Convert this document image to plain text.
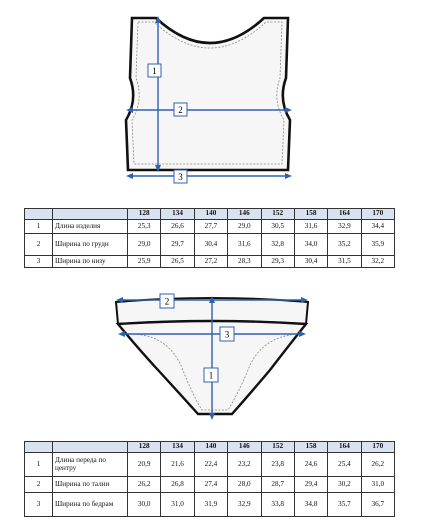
1
2
3
		128	134	140	146	152	158	164	170
1	Длина изделия	25,3	26,6	27,7	29,0	30,5	31,6	32,9	34,4
2	Ширина по груди	29,0	29,7	30,4	31,6	32,8	34,0	35,2	35,9
3	Ширина по низу	25,9	26,5	27,2	28,3	29,3	30,4	31,5	32,2
2
3
1
		128	134	140	146	152	158	164	170
1	Длина переда по центру	20,9	21,6	22,4	23,2	23,8	24,6	25,4	26,2
2	Ширина по талии	26,2	26,8	27,4	28,0	28,7	29,4	30,2	31,0
3	Ширина по бедрам	30,0	31,0	31,9	32,9	33,8	34,8	35,7	36,7
